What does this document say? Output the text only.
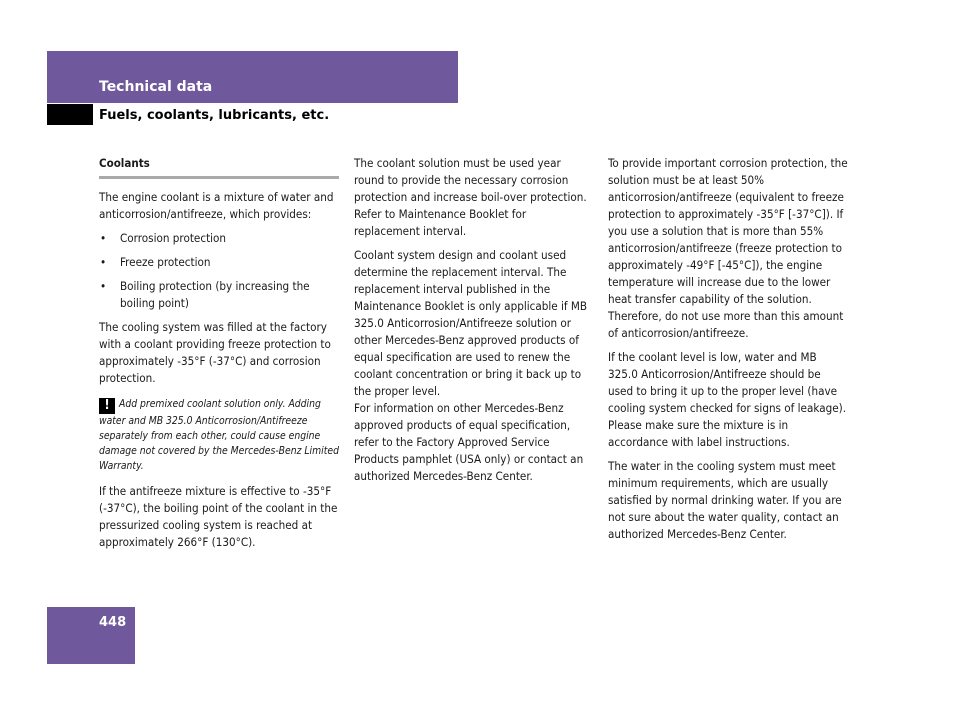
Technical data
Fuels, coolants, lubricants, etc.
Coolants

The engine coolant is a mixture of water and anticorrosion/antifreeze, which provides:

• Corrosion protection
• Freeze protection
• Boiling protection (by increasing the boiling point)

The cooling system was filled at the factory with a coolant providing freeze protection to approximately -35°F (-37°C) and corrosion protection.

! Add premixed coolant solution only. Adding water and MB 325.0 Anticorrosion/Antifreeze separately from each other, could cause engine damage not covered by the Mercedes-Benz Limited Warranty.

If the antifreeze mixture is effective to -35°F (-37°C), the boiling point of the coolant in the pressurized cooling system is reached at approximately 266°F (130°C).

The coolant solution must be used year round to provide the necessary corrosion protection and increase boil-over protection. Refer to Maintenance Booklet for replacement interval.

Coolant system design and coolant used determine the replacement interval. The replacement interval published in the Maintenance Booklet is only applicable if MB 325.0 Anticorrosion/Antifreeze solution or other Mercedes-Benz approved products of equal specification are used to renew the coolant concentration or bring it back up to the proper level.

For information on other Mercedes-Benz approved products of equal specification, refer to the Factory Approved Service Products pamphlet (USA only) or contact an authorized Mercedes-Benz Center.

To provide important corrosion protection, the solution must be at least 50% anticorrosion/antifreeze (equivalent to freeze protection to approximately -35°F [-37°C]). If you use a solution that is more than 55% anticorrosion/antifreeze (freeze protection to approximately -49°F [-45°C]), the engine temperature will increase due to the lower heat transfer capability of the solution. Therefore, do not use more than this amount of anticorrosion/antifreeze.

If the coolant level is low, water and MB 325.0 Anticorrosion/Antifreeze should be used to bring it up to the proper level (have cooling system checked for signs of leakage). Please make sure the mixture is in accordance with label instructions.

The water in the cooling system must meet minimum requirements, which are usually satisfied by normal drinking water. If you are not sure about the water quality, contact an authorized Mercedes-Benz Center.

448
